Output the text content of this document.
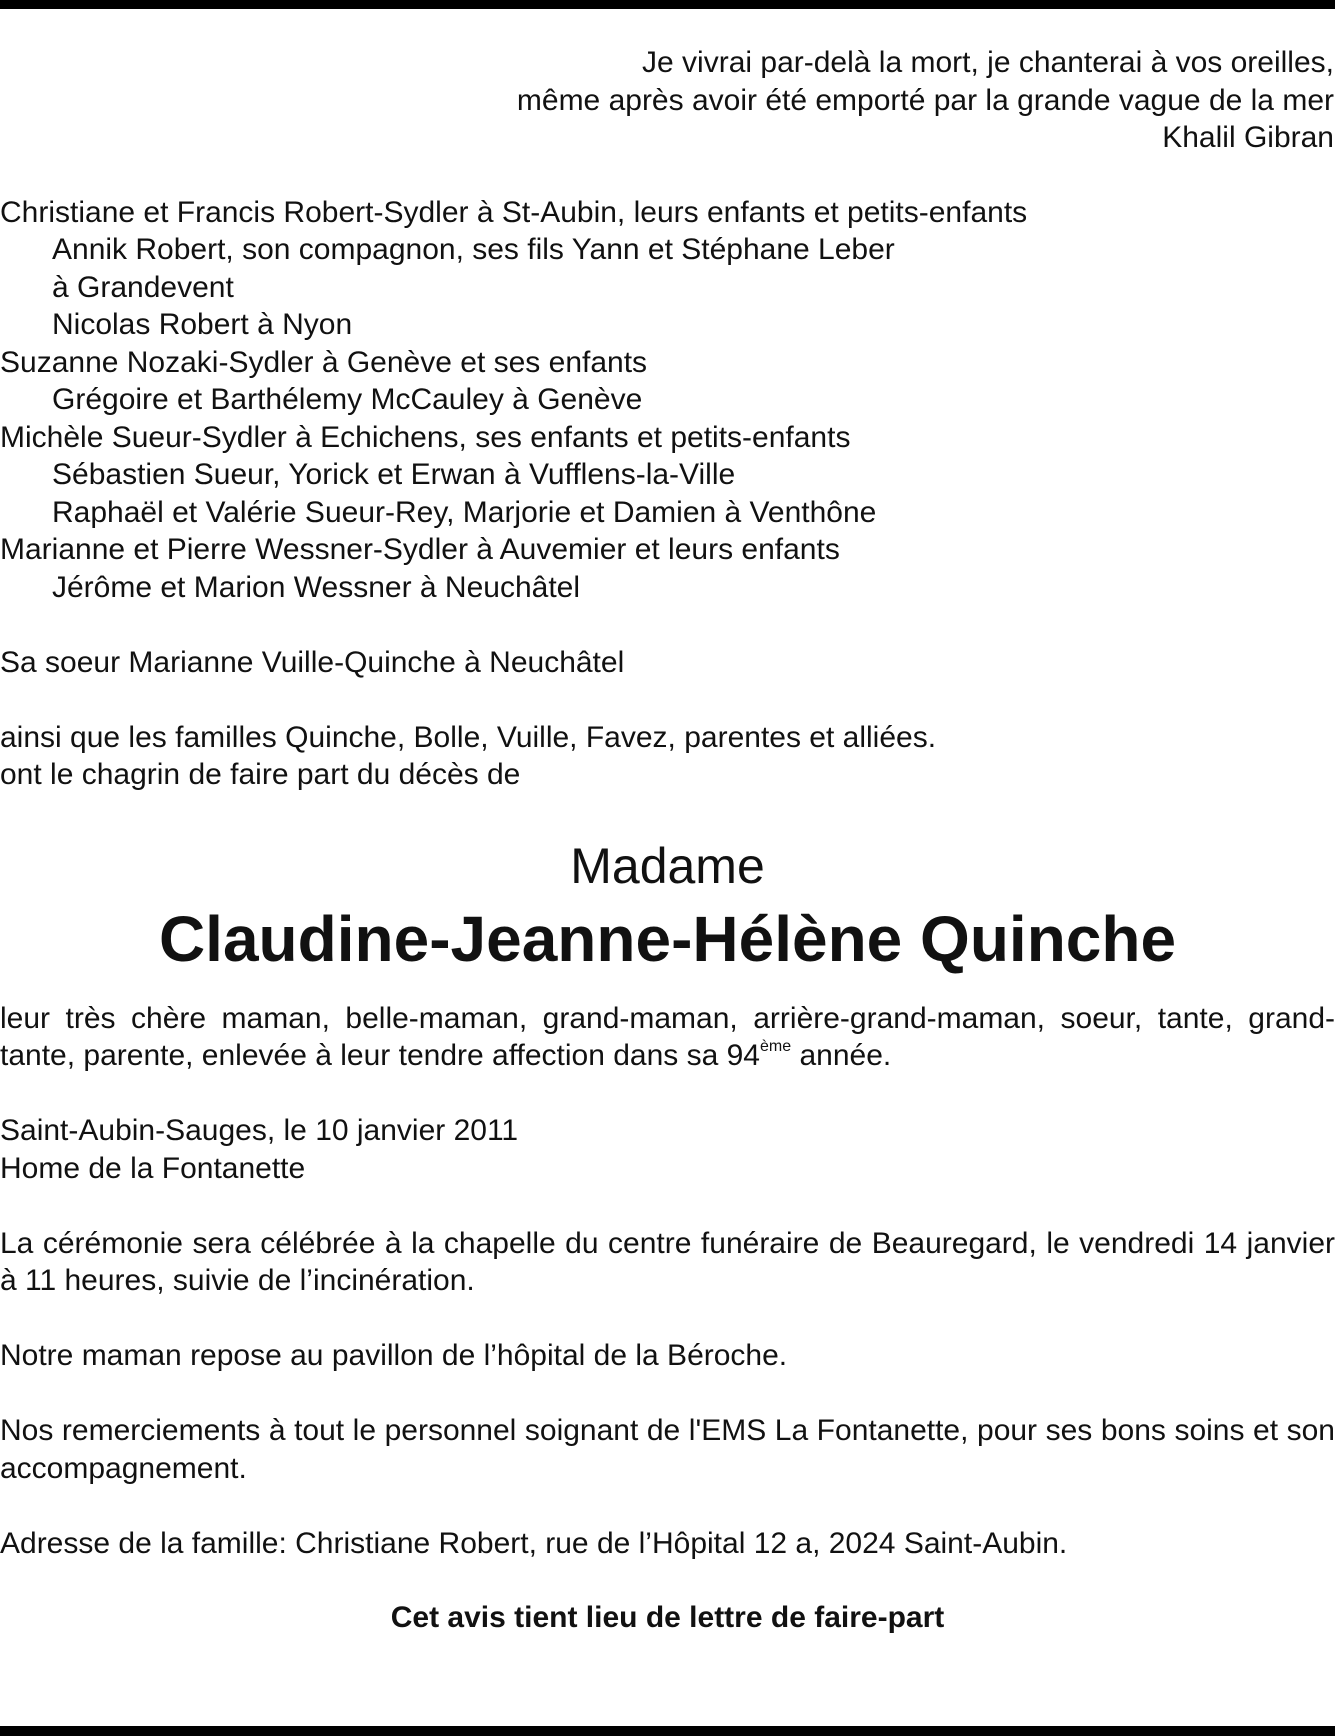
Je vivrai par-delà la mort, je chanterai à vos oreilles,
même après avoir été emporté par la grande vague de la mer
Khalil Gibran
Christiane et Francis Robert-Sydler à St-Aubin, leurs enfants et petits-enfants
Annik Robert, son compagnon, ses fils Yann et Stéphane Leber
à Grandevent
Nicolas Robert à Nyon
Suzanne Nozaki-Sydler à Genève et ses enfants
Grégoire et Barthélemy McCauley à Genève
Michèle Sueur-Sydler à Echichens, ses enfants et petits-enfants
Sébastien Sueur, Yorick et Erwan à Vufflens-la-Ville
Raphaël et Valérie Sueur-Rey, Marjorie et Damien à Venthône
Marianne et Pierre Wessner-Sydler à Auvemier et leurs enfants
Jérôme et Marion Wessner à Neuchâtel
Sa soeur Marianne Vuille-Quinche à Neuchâtel
ainsi que les familles Quinche, Bolle, Vuille, Favez, parentes et alliées.
ont le chagrin de faire part du décès de
Madame
Claudine-Jeanne-Hélène Quinche
leur très chère maman, belle-maman, grand-maman, arrière-grand-maman, soeur, tante, grand-tante, parente, enlevée à leur tendre affection dans sa 94ème année.
Saint-Aubin-Sauges, le 10 janvier 2011
Home de la Fontanette
La cérémonie sera célébrée à la chapelle du centre funéraire de Beauregard, le vendredi 14 janvier à 11 heures, suivie de l’incinération.
Notre maman repose au pavillon de l’hôpital de la Béroche.
Nos remerciements à tout le personnel soignant de l'EMS La Fontanette, pour ses bons soins et son accompagnement.
Adresse de la famille: Christiane Robert, rue de l’Hôpital 12 a, 2024 Saint-Aubin.
Cet avis tient lieu de lettre de faire-part
